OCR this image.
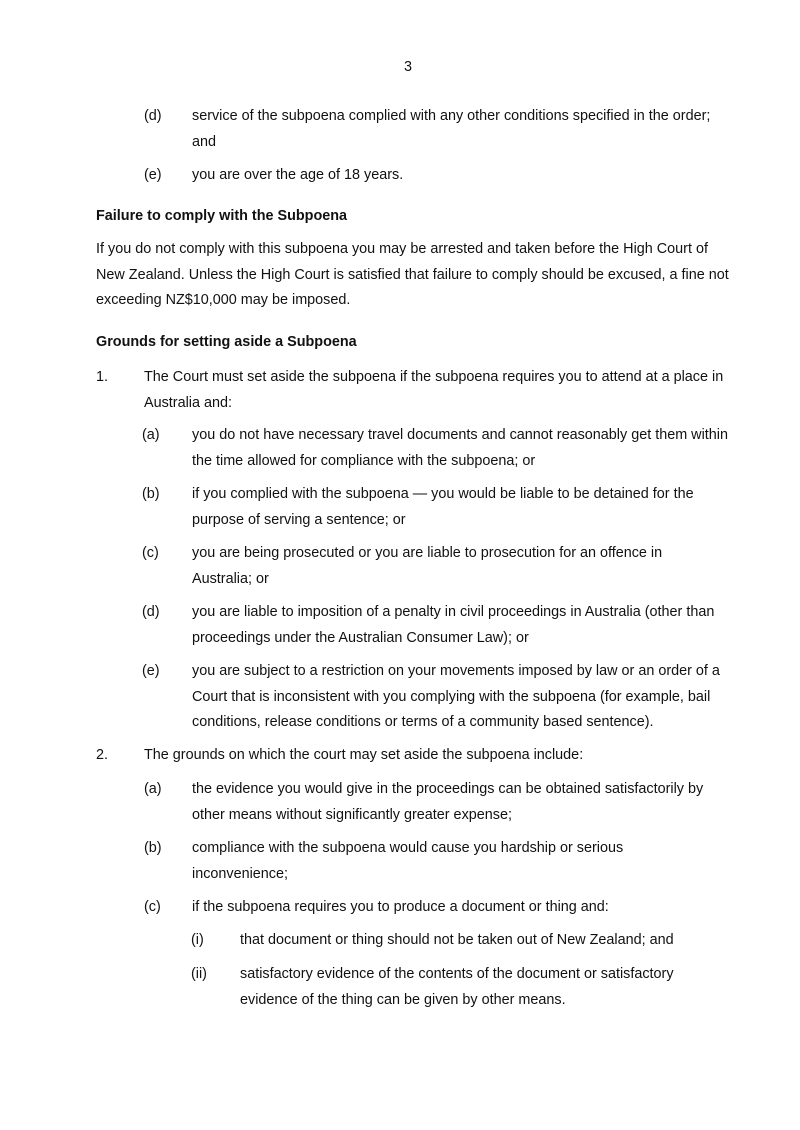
3
(d) service of the subpoena complied with any other conditions specified in the order; and
(e) you are over the age of 18 years.
Failure to comply with the Subpoena
If you do not comply with this subpoena you may be arrested and taken before the High Court of New Zealand. Unless the High Court is satisfied that failure to comply should be excused, a fine not exceeding NZ$10,000 may be imposed.
Grounds for setting aside a Subpoena
1. The Court must set aside the subpoena if the subpoena requires you to attend at a place in Australia and:
(a) you do not have necessary travel documents and cannot reasonably get them within the time allowed for compliance with the subpoena; or
(b) if you complied with the subpoena — you would be liable to be detained for the purpose of serving a sentence; or
(c) you are being prosecuted or you are liable to prosecution for an offence in Australia; or
(d) you are liable to imposition of a penalty in civil proceedings in Australia (other than proceedings under the Australian Consumer Law); or
(e) you are subject to a restriction on your movements imposed by law or an order of a Court that is inconsistent with you complying with the subpoena (for example, bail conditions, release conditions or terms of a community based sentence).
2. The grounds on which the court may set aside the subpoena include:
(a) the evidence you would give in the proceedings can be obtained satisfactorily by other means without significantly greater expense;
(b) compliance with the subpoena would cause you hardship or serious inconvenience;
(c) if the subpoena requires you to produce a document or thing and:
(i)	that document or thing should not be taken out of New Zealand; and
(ii) satisfactory evidence of the contents of the document or satisfactory evidence of the thing can be given by other means.
